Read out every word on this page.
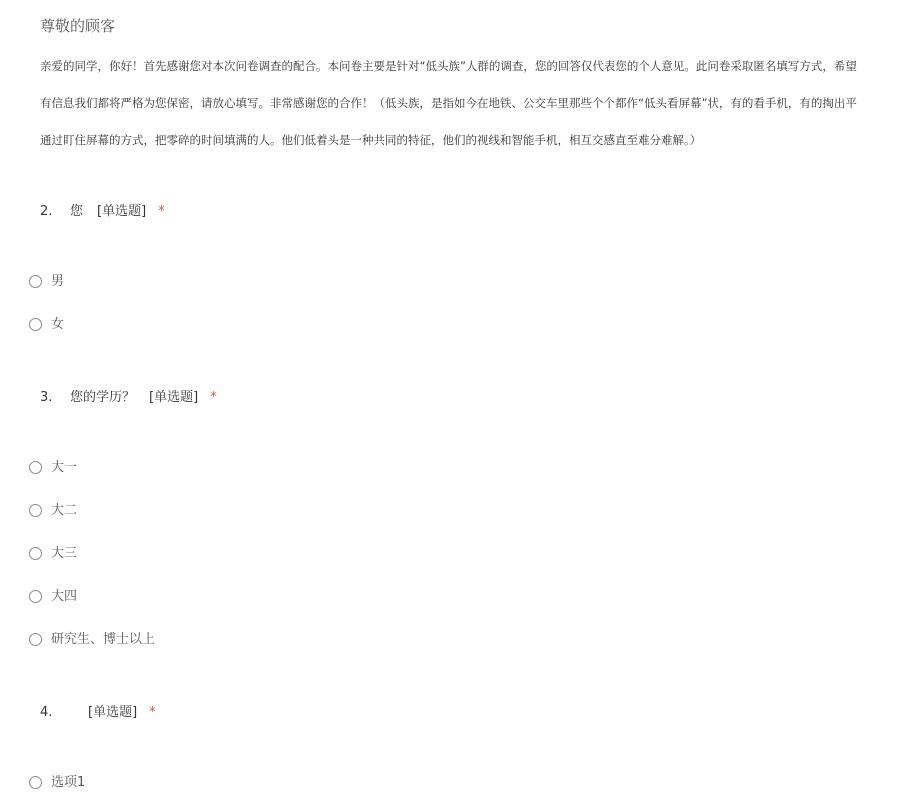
尊敬的顾客
亲爱的同学，你好！首先感谢您对本次问卷调查的配合。本问卷主要是针对“低头族”人群的调查，您的回答仅代表您的个人意见。此问卷采取匿名填写方式，希望
有信息我们都将严格为您保密，请放心填写。非常感谢您的合作！（低头族，是指如今在地铁、公交车里那些个个都作“低头看屏幕”状，有的看手机，有的掏出平
通过盯住屏幕的方式，把零碎的时间填满的人。他们低着头是一种共同的特征，他们的视线和智能手机，相互交感直至难分难解。）
2. 您 [单选题] *
男
女
3. 您的学历？ [单选题] *
大一
大二
大三
大四
研究生、博士以上
4.	[单选题] *
选项1
